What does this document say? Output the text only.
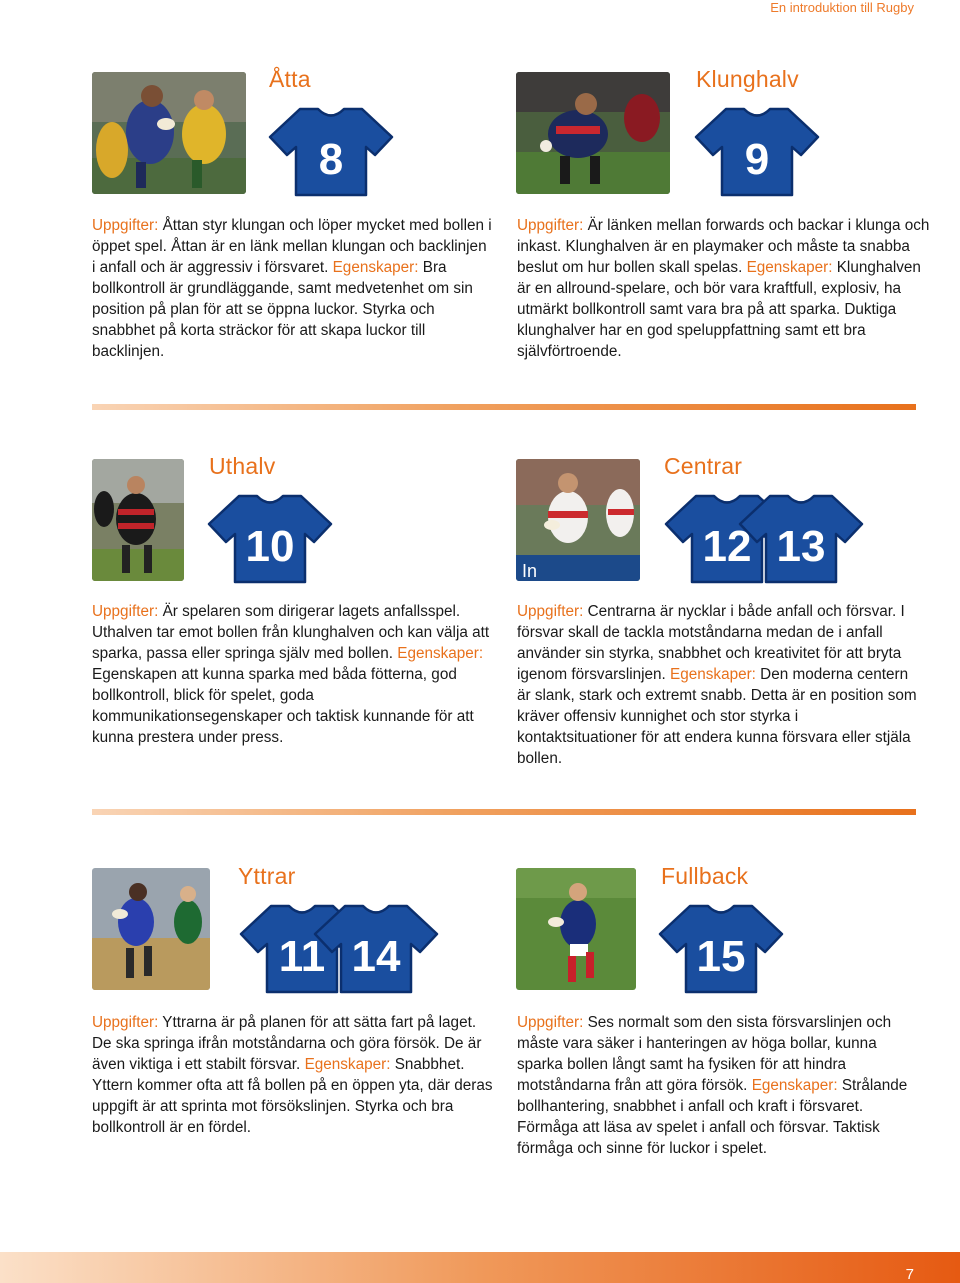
En introduktion till Rugby
Åtta
8
Uppgifter: Åttan styr klungan och löper mycket med bollen i öppet spel. Åttan är en länk mellan klungan och backlinjen i anfall och är aggressiv i försvaret. Egenskaper: Bra bollkontroll är grundläggande, samt medvetenhet om sin position på plan för att se öppna luckor. Styrka och snabbhet på korta sträckor för att skapa luckor till backlinjen.
Klunghalv
9
Uppgifter: Är länken mellan forwards och backar i klunga och inkast. Klunghalven är en playmaker och måste ta snabba beslut om hur bollen skall spelas. Egenskaper: Klunghalven är en allround-spelare, och bör vara kraftfull, explosiv, ha utmärkt bollkontroll samt vara bra på att sparka. Duktiga klunghalver har en god speluppfattning samt ett bra självförtroende.
Uthalv
10
Uppgifter: Är spelaren som dirigerar lagets anfallsspel. Uthalven tar emot bollen från klunghalven och kan välja att sparka, passa eller springa själv med bollen. Egenskaper: Egenskapen att kunna sparka med båda fötterna, god bollkontroll, blick för spelet, goda kommunikationsegenskaper och taktisk kunnande för att kunna prestera under press.
In
Centrar
12 13
Uppgifter: Centrarna är nycklar i både anfall och försvar. I försvar skall de tackla motståndarna medan de i anfall använder sin styrka, snabbhet och kreativitet för att bryta igenom försvarslinjen. Egenskaper: Den moderna centern är slank, stark och extremt snabb. Detta är en position som kräver offensiv kunnighet och stor styrka i kontaktsituationer för att endera kunna försvara eller stjäla bollen.
Yttrar
11 14
Uppgifter: Yttrarna är på planen för att sätta fart på laget. De ska springa ifrån motståndarna och göra försök. De är även viktiga i ett stabilt försvar. Egenskaper: Snabbhet. Yttern kommer ofta att få bollen på en öppen yta, där deras uppgift är att sprinta mot försökslinjen. Styrka och bra bollkontroll är en fördel.
Fullback
15
Uppgifter: Ses normalt som den sista försvarslinjen och måste vara säker i hanteringen av höga bollar, kunna sparka bollen långt samt ha fysiken för att hindra motståndarna från att göra försök. Egenskaper: Strålande bollhantering, snabbhet i anfall och kraft i försvaret. Förmåga att läsa av spelet i anfall och försvar. Taktisk förmåga och sinne för luckor i spelet.
7
